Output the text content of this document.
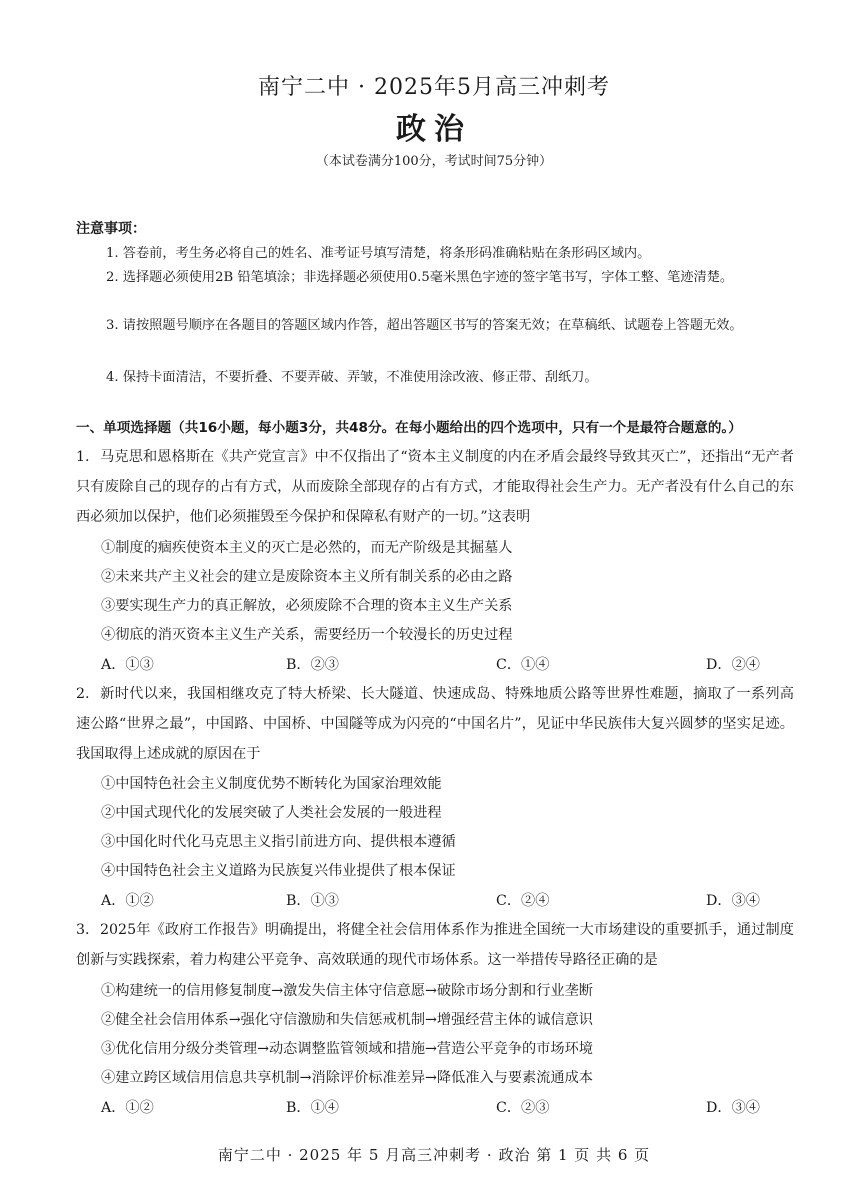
南宁二中 · 2025年5月高三冲刺考
政治
（本试卷满分100分，考试时间75分钟）
注意事项：
1. 答卷前，考生务必将自己的姓名、准考证号填写清楚，将条形码准确粘贴在条形码区域内。
2. 选择题必须使用2B 铅笔填涂；非选择题必须使用0.5毫米黑色字迹的签字笔书写，字体工整、笔迹清楚。
3. 请按照题号顺序在各题目的答题区域内作答，超出答题区书写的答案无效；在草稿纸、试题卷上答题无效。
4. 保持卡面清洁，不要折叠、不要弄破、弄皱，不准使用涂改液、修正带、刮纸刀。
一、单项选择题（共16小题，每小题3分，共48分。在每小题给出的四个选项中，只有一个是最符合题意的。）
1. 马克思和恩格斯在《共产党宣言》中不仅指出了“资本主义制度的内在矛盾会最终导致其灭亡”，还指出“无产者只有废除自己的现存的占有方式，从而废除全部现存的占有方式，才能取得社会生产力。无产者没有什么自己的东西必须加以保护，他们必须摧毁至今保护和保障私有财产的一切。”这表明
①制度的痼疾使资本主义的灭亡是必然的，而无产阶级是其掘墓人
②未来共产主义社会的建立是废除资本主义所有制关系的必由之路
③要实现生产力的真正解放，必须废除不合理的资本主义生产关系
④彻底的消灭资本主义生产关系，需要经历一个较漫长的历史过程
A．①③	B．②③	C．①④	D．②④
2. 新时代以来，我国相继攻克了特大桥梁、长大隧道、快速成岛、特殊地质公路等世界性难题，摘取了一系列高速公路“世界之最”，中国路、中国桥、中国隧等成为闪亮的“中国名片”，见证中华民族伟大复兴圆梦的坚实足迹。我国取得上述成就的原因在于
①中国特色社会主义制度优势不断转化为国家治理效能
②中国式现代化的发展突破了人类社会发展的一般进程
③中国化时代化马克思主义指引前进方向、提供根本遵循
④中国特色社会主义道路为民族复兴伟业提供了根本保证
A．①②	B．①③	C．②④	D．③④
3. 2025年《政府工作报告》明确提出，将健全社会信用体系作为推进全国统一大市场建设的重要抓手，通过制度创新与实践探索，着力构建公平竞争、高效联通的现代市场体系。这一举措传导路径正确的是
①构建统一的信用修复制度→激发失信主体守信意愿→破除市场分割和行业垄断
②健全社会信用体系→强化守信激励和失信惩戒机制→增强经营主体的诚信意识
③优化信用分级分类管理→动态调整监管领域和措施→营造公平竞争的市场环境
④建立跨区域信用信息共享机制→消除评价标准差异→降低准入与要素流通成本
A．①②	B．①④	C．②③	D．③④
南宁二中 · 2025 年 5 月高三冲刺考 · 政治 第 1 页 共 6 页
